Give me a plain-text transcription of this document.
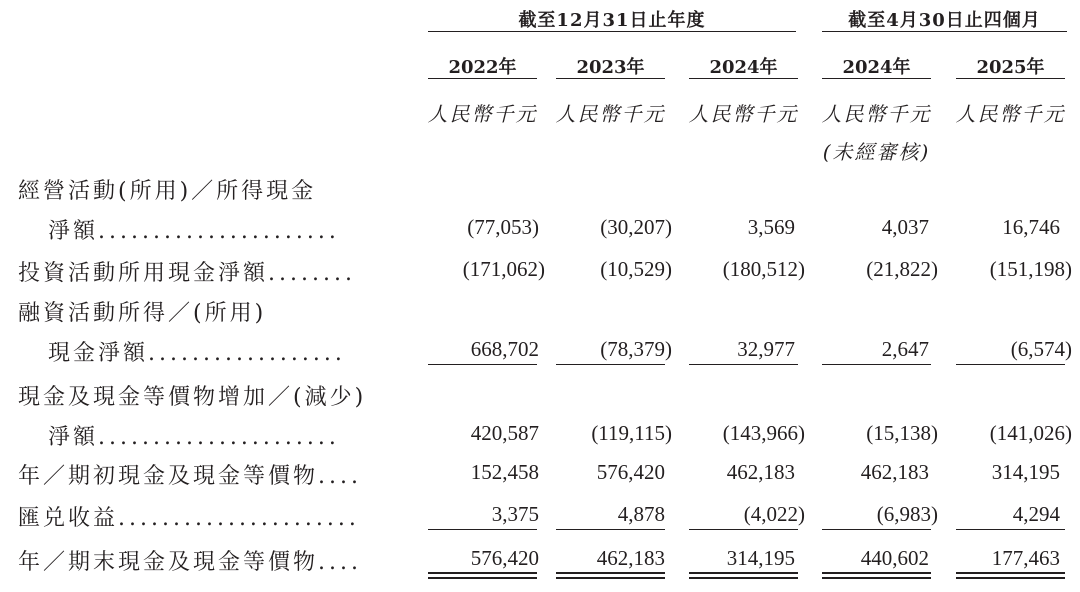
截至12月31日止年度	截至4月30日止四個月
2022年	2023年	2024年	2024年	2025年
人民幣千元 人民幣千元	人民幣千元	人民幣千元	人民幣千元
(未經審核)
經營活動(所用)／所得現金
淨額......................	(77,053)	(30,207)	3,569	4,037	16,746
投資活動所用現金淨額........	(171,062)	(10,529)	(180,512)	(21,822)	(151,198)
融資活動所得／(所用)
現金淨額..................	668,702	(78,379)	32,977	2,647	(6,574)
現金及現金等價物增加／(減少)
淨額......................	420,587	(119,115)	(143,966)	(15,138)	(141,026)
年／期初現金及現金等價物....	152,458	576,420	462,183	462,183	314,195
匯兑收益......................	3,375	4,878	(4,022)	(6,983)	4,294
年／期末現金及現金等價物....	576,420	462,183	314,195	440,602	177,463
